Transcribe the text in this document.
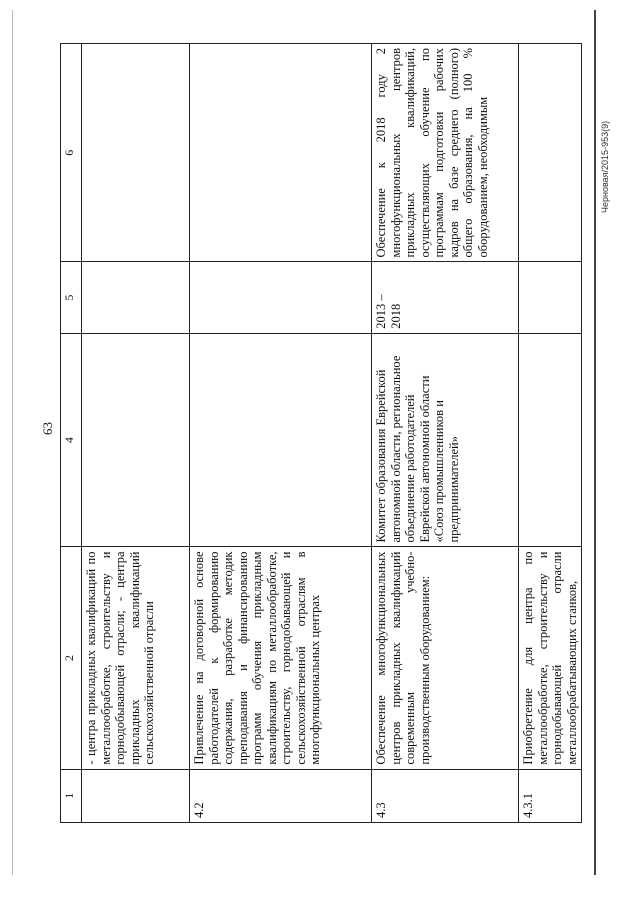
63
1	2	4	5	6
	- центра прикладных квалификаций по металлообработке, строительству и горнодобывающей отрасли; - центра прикладных квалификаций сельскохозяйственной отрасли			
4.2	Привлечение на договорной основе работодателей к формированию содержания, разработке методик преподавания и финансированию программ обучения прикладным квалификациям по металлообработке, строительству, горнодобывающей и сельскохозяйственной отраслям в многофункциональных центрах			
4.3	Обеспечение многофункциональных центров прикладных квалификаций современным учебно-производственным оборудованием:	Комитет образования Еврейской автономной области, региональное объединение работодателей Еврейской автономной области «Союз промышленников и предпринимателей»	2013 – 2018	Обеспечение к 2018 году 2 многофункциональных центров прикладных квалификаций, осуществляющих обучение по программам подготовки рабочих кадров на базе среднего (полного) общего образования, на 100 % оборудованием, необходимым
4.3.1	Приобретение для центра по металлообработке, строительству и горнодобывающей отрасли металлообрабатывающих станков,			
Черновая/2015-953(9)
